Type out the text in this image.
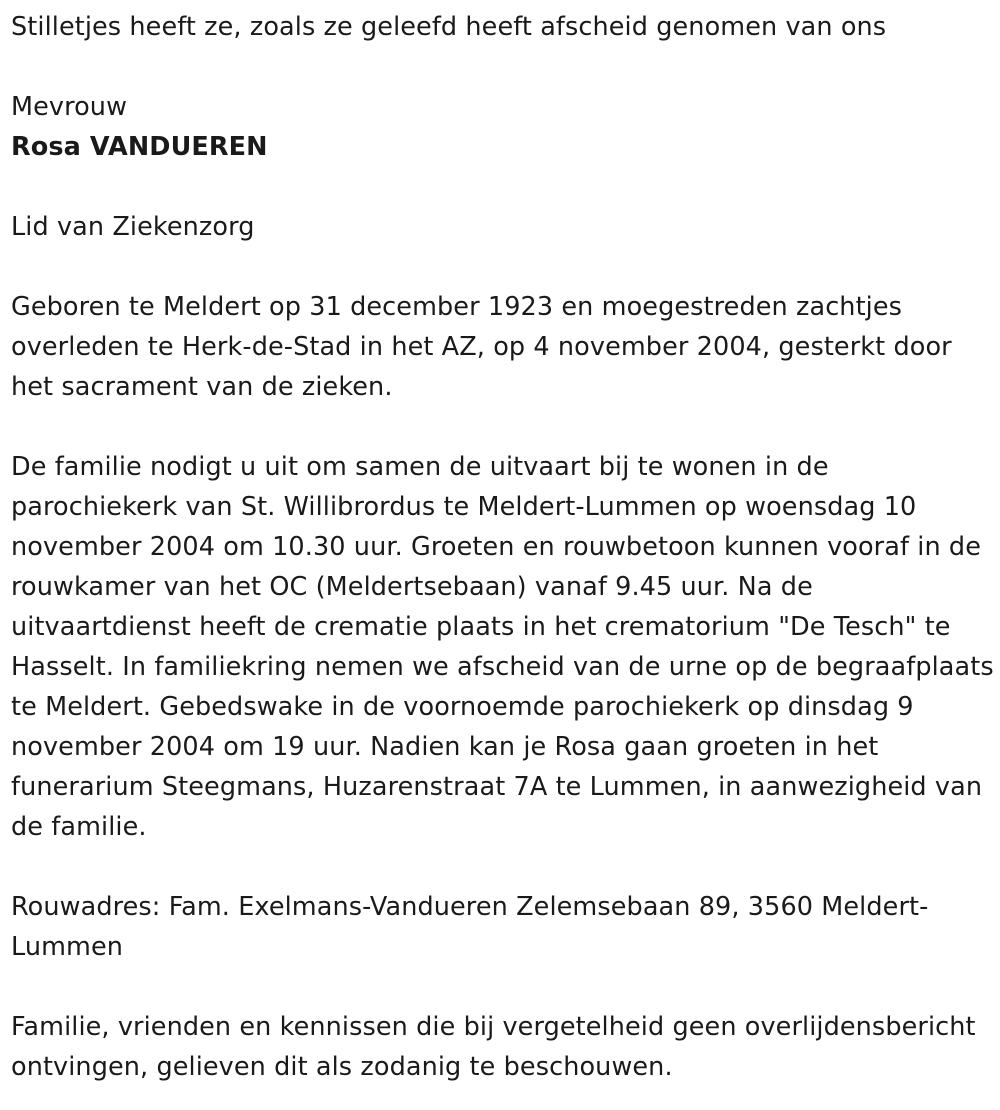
Stilletjes heeft ze, zoals ze geleefd heeft afscheid genomen van ons

Mevrouw

Rosa VANDUEREN

Lid van Ziekenzorg

Geboren te Meldert op 31 december 1923 en moegestreden zachtjes overleden te Herk-de-Stad in het AZ, op 4 november 2004, gesterkt door het sacrament van de zieken.

De familie nodigt u uit om samen de uitvaart bij te wonen in de parochiekerk van St. Willibrordus te Meldert-Lummen op woensdag 10 november 2004 om 10.30 uur. Groeten en rouwbetoon kunnen vooraf in de rouwkamer van het OC (Meldertsebaan) vanaf 9.45 uur. Na de uitvaartdienst heeft de crematie plaats in het crematorium "De Tesch" te Hasselt. In familiekring nemen we afscheid van de urne op de begraafplaats te Meldert. Gebedswake in de voornoemde parochiekerk op dinsdag 9 november 2004 om 19 uur. Nadien kan je Rosa gaan groeten in het funerarium Steegmans, Huzarenstraat 7A te Lummen, in aanwezigheid van de familie.

Rouwadres: Fam. Exelmans-Vandueren Zelemsebaan 89, 3560 Meldert-Lummen

Familie, vrienden en kennissen die bij vergetelheid geen overlijdensbericht ontvingen, gelieven dit als zodanig te beschouwen.
